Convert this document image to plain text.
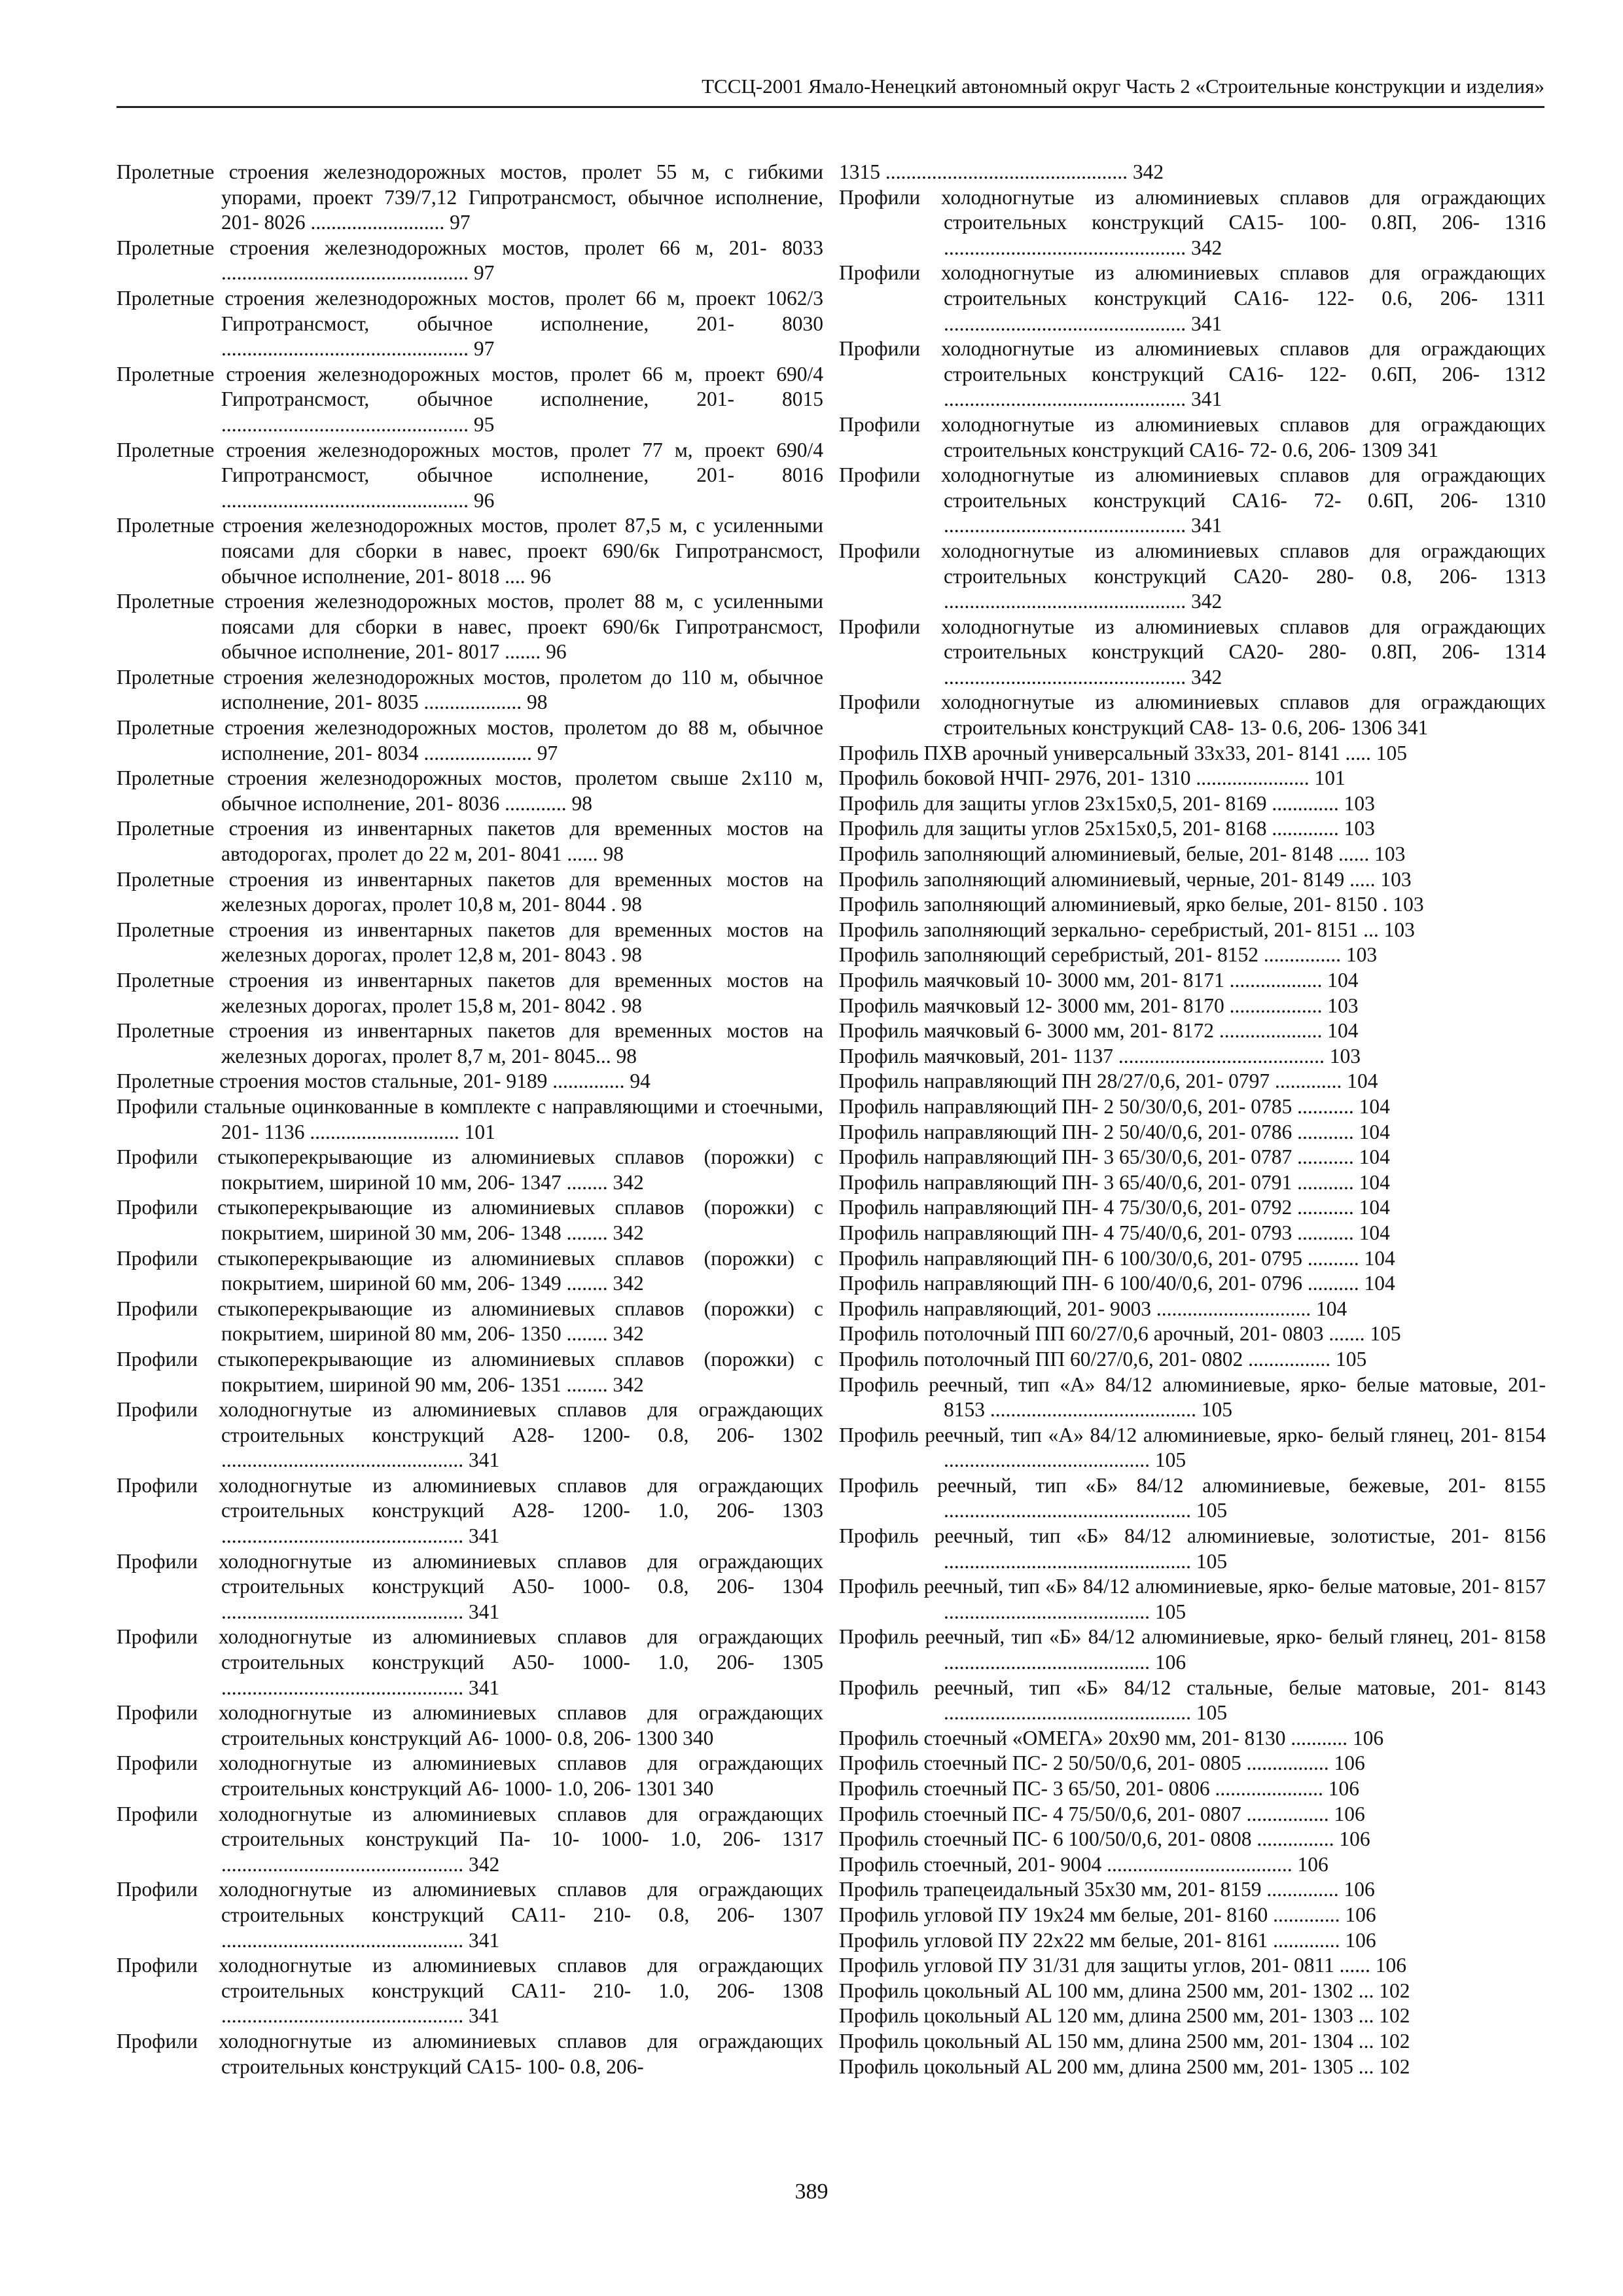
ТССЦ-2001 Ямало-Ненецкий автономный округ Часть 2 «Строительные конструкции и изделия»

Пролетные строения железнодорожных мостов, пролет 55 м, с гибкими упорами, проект 739/7,12 Гипротрансмост, обычное исполнение, 201- 8026 .......................... 97

Пролетные строения железнодорожных мостов, пролет 66 м, 201- 8033 ................................................ 97

Пролетные строения железнодорожных мостов, пролет 66 м, проект 1062/3 Гипротрансмост, обычное исполнение, 201- 8030 ................................................ 97

Пролетные строения железнодорожных мостов, пролет 66 м, проект 690/4 Гипротрансмост, обычное исполнение, 201- 8015 ................................................ 95

Пролетные строения железнодорожных мостов, пролет 77 м, проект 690/4 Гипротрансмост, обычное исполнение, 201- 8016 ................................................ 96

Пролетные строения железнодорожных мостов, пролет 87,5 м, с усиленными поясами для сборки в навес, проект 690/6к Гипротрансмост, обычное исполнение, 201- 8018 .... 96

Пролетные строения железнодорожных мостов, пролет 88 м, с усиленными поясами для сборки в навес, проект 690/6к Гипротрансмост, обычное исполнение, 201- 8017 ....... 96

Пролетные строения железнодорожных мостов, пролетом до 110 м, обычное исполнение, 201- 8035 ................... 98

Пролетные строения железнодорожных мостов, пролетом до 88 м, обычное исполнение, 201- 8034 ..................... 97

Пролетные строения железнодорожных мостов, пролетом свыше 2х110 м, обычное исполнение, 201- 8036 ............ 98

Пролетные строения из инвентарных пакетов для временных мостов на автодорогах, пролет до 22 м, 201- 8041 ...... 98

Пролетные строения из инвентарных пакетов для временных мостов на железных дорогах, пролет 10,8 м, 201- 8044 . 98

Пролетные строения из инвентарных пакетов для временных мостов на железных дорогах, пролет 12,8 м, 201- 8043 . 98

Пролетные строения из инвентарных пакетов для временных мостов на железных дорогах, пролет 15,8 м, 201- 8042 . 98

Пролетные строения из инвентарных пакетов для временных мостов на железных дорогах, пролет 8,7 м, 201- 8045... 98

Пролетные строения мостов стальные, 201- 9189 .............. 94

Профили стальные оцинкованные в комплекте с направляющими и стоечными, 201- 1136 ............................. 101

Профили стыкоперекрывающие из алюминиевых сплавов (порожки) с покрытием, шириной 10 мм, 206- 1347 ........ 342

Профили стыкоперекрывающие из алюминиевых сплавов (порожки) с покрытием, шириной 30 мм, 206- 1348 ........ 342

Профили стыкоперекрывающие из алюминиевых сплавов (порожки) с покрытием, шириной 60 мм, 206- 1349 ........ 342

Профили стыкоперекрывающие из алюминиевых сплавов (порожки) с покрытием, шириной 80 мм, 206- 1350 ........ 342

Профили стыкоперекрывающие из алюминиевых сплавов (порожки) с покрытием, шириной 90 мм, 206- 1351 ........ 342

Профили холодногнутые из алюминиевых сплавов для ограждающих строительных конструкций А28- 1200- 0.8, 206- 1302 ............................................... 341

Профили холодногнутые из алюминиевых сплавов для ограждающих строительных конструкций А28- 1200- 1.0, 206- 1303 ............................................... 341

Профили холодногнутые из алюминиевых сплавов для ограждающих строительных конструкций А50- 1000- 0.8, 206- 1304 ............................................... 341

Профили холодногнутые из алюминиевых сплавов для ограждающих строительных конструкций А50- 1000- 1.0, 206- 1305 ............................................... 341

Профили холодногнутые из алюминиевых сплавов для ограждающих строительных конструкций А6- 1000- 0.8, 206- 1300 340

Профили холодногнутые из алюминиевых сплавов для ограждающих строительных конструкций А6- 1000- 1.0, 206- 1301 340

Профили холодногнутые из алюминиевых сплавов для ограждающих строительных конструкций Па- 10- 1000- 1.0, 206- 1317 ............................................... 342

Профили холодногнутые из алюминиевых сплавов для ограждающих строительных конструкций СА11- 210- 0.8, 206- 1307 ............................................... 341

Профили холодногнутые из алюминиевых сплавов для ограждающих строительных конструкций СА11- 210- 1.0, 206- 1308 ............................................... 341

Профили холодногнутые из алюминиевых сплавов для ограждающих строительных конструкций СА15- 100- 0.8, 206-

1315 ............................................... 342

Профили холодногнутые из алюминиевых сплавов для ограждающих строительных конструкций СА15- 100- 0.8П, 206- 1316 ............................................... 342

Профили холодногнутые из алюминиевых сплавов для ограждающих строительных конструкций СА16- 122- 0.6, 206- 1311 ............................................... 341

Профили холодногнутые из алюминиевых сплавов для ограждающих строительных конструкций СА16- 122- 0.6П, 206- 1312 ............................................... 341

Профили холодногнутые из алюминиевых сплавов для ограждающих строительных конструкций СА16- 72- 0.6, 206- 1309 341

Профили холодногнутые из алюминиевых сплавов для ограждающих строительных конструкций СА16- 72- 0.6П, 206- 1310 ............................................... 341

Профили холодногнутые из алюминиевых сплавов для ограждающих строительных конструкций СА20- 280- 0.8, 206- 1313 ............................................... 342

Профили холодногнутые из алюминиевых сплавов для ограждающих строительных конструкций СА20- 280- 0.8П, 206- 1314 ............................................... 342

Профили холодногнутые из алюминиевых сплавов для ограждающих строительных конструкций СА8- 13- 0.6, 206- 1306 341

Профиль ПХВ арочный универсальный 33х33, 201- 8141 ..... 105

Профиль боковой НЧП- 2976, 201- 1310 ...................... 101

Профиль для защиты углов 23х15х0,5, 201- 8169 ............. 103

Профиль для защиты углов 25х15х0,5, 201- 8168 ............. 103

Профиль заполняющий алюминиевый, белые, 201- 8148 ...... 103

Профиль заполняющий алюминиевый, черные, 201- 8149 ..... 103

Профиль заполняющий алюминиевый, ярко белые, 201- 8150 . 103

Профиль заполняющий зеркально- серебристый, 201- 8151 ... 103

Профиль заполняющий серебристый, 201- 8152 ............... 103

Профиль маячковый 10- 3000 мм, 201- 8171 .................. 104

Профиль маячковый 12- 3000 мм, 201- 8170 .................. 103

Профиль маячковый 6- 3000 мм, 201- 8172 .................... 104

Профиль маячковый, 201- 1137 ........................................ 103

Профиль направляющий ПН 28/27/0,6, 201- 0797 ............. 104

Профиль направляющий ПН- 2 50/30/0,6, 201- 0785 ........... 104

Профиль направляющий ПН- 2 50/40/0,6, 201- 0786 ........... 104

Профиль направляющий ПН- 3 65/30/0,6, 201- 0787 ........... 104

Профиль направляющий ПН- 3 65/40/0,6, 201- 0791 ........... 104

Профиль направляющий ПН- 4 75/30/0,6, 201- 0792 ........... 104

Профиль направляющий ПН- 4 75/40/0,6, 201- 0793 ........... 104

Профиль направляющий ПН- 6 100/30/0,6, 201- 0795 .......... 104

Профиль направляющий ПН- 6 100/40/0,6, 201- 0796 .......... 104

Профиль направляющий, 201- 9003 .............................. 104

Профиль потолочный ПП 60/27/0,6 арочный, 201- 0803 ....... 105

Профиль потолочный ПП 60/27/0,6, 201- 0802 ................ 105

Профиль реечный, тип «А» 84/12 алюминиевые, ярко- белые матовые, 201- 8153 ........................................ 105

Профиль реечный, тип «А» 84/12 алюминиевые, ярко- белый глянец, 201- 8154 ........................................ 105

Профиль реечный, тип «Б» 84/12 алюминиевые, бежевые, 201- 8155 ................................................ 105

Профиль реечный, тип «Б» 84/12 алюминиевые, золотистые, 201- 8156 ................................................ 105

Профиль реечный, тип «Б» 84/12 алюминиевые, ярко- белые матовые, 201- 8157 ........................................ 105

Профиль реечный, тип «Б» 84/12 алюминиевые, ярко- белый глянец, 201- 8158 ........................................ 106

Профиль реечный, тип «Б» 84/12 стальные, белые матовые, 201- 8143 ................................................ 105

Профиль стоечный «ОМЕГА» 20х90 мм, 201- 8130 ........... 106

Профиль стоечный ПС- 2 50/50/0,6, 201- 0805 ................ 106

Профиль стоечный ПС- 3 65/50, 201- 0806 ..................... 106

Профиль стоечный ПС- 4 75/50/0,6, 201- 0807 ................ 106

Профиль стоечный ПС- 6 100/50/0,6, 201- 0808 ............... 106

Профиль стоечный, 201- 9004 .................................... 106

Профиль трапецеидальный 35х30 мм, 201- 8159 .............. 106

Профиль угловой ПУ 19х24 мм белые, 201- 8160 ............. 106

Профиль угловой ПУ 22х22 мм белые, 201- 8161 ............. 106

Профиль угловой ПУ 31/31 для защиты углов, 201- 0811 ...... 106

Профиль цокольный AL 100 мм, длина 2500 мм, 201- 1302 ... 102

Профиль цокольный AL 120 мм, длина 2500 мм, 201- 1303 ... 102

Профиль цокольный AL 150 мм, длина 2500 мм, 201- 1304 ... 102

Профиль цокольный AL 200 мм, длина 2500 мм, 201- 1305 ... 102

389
